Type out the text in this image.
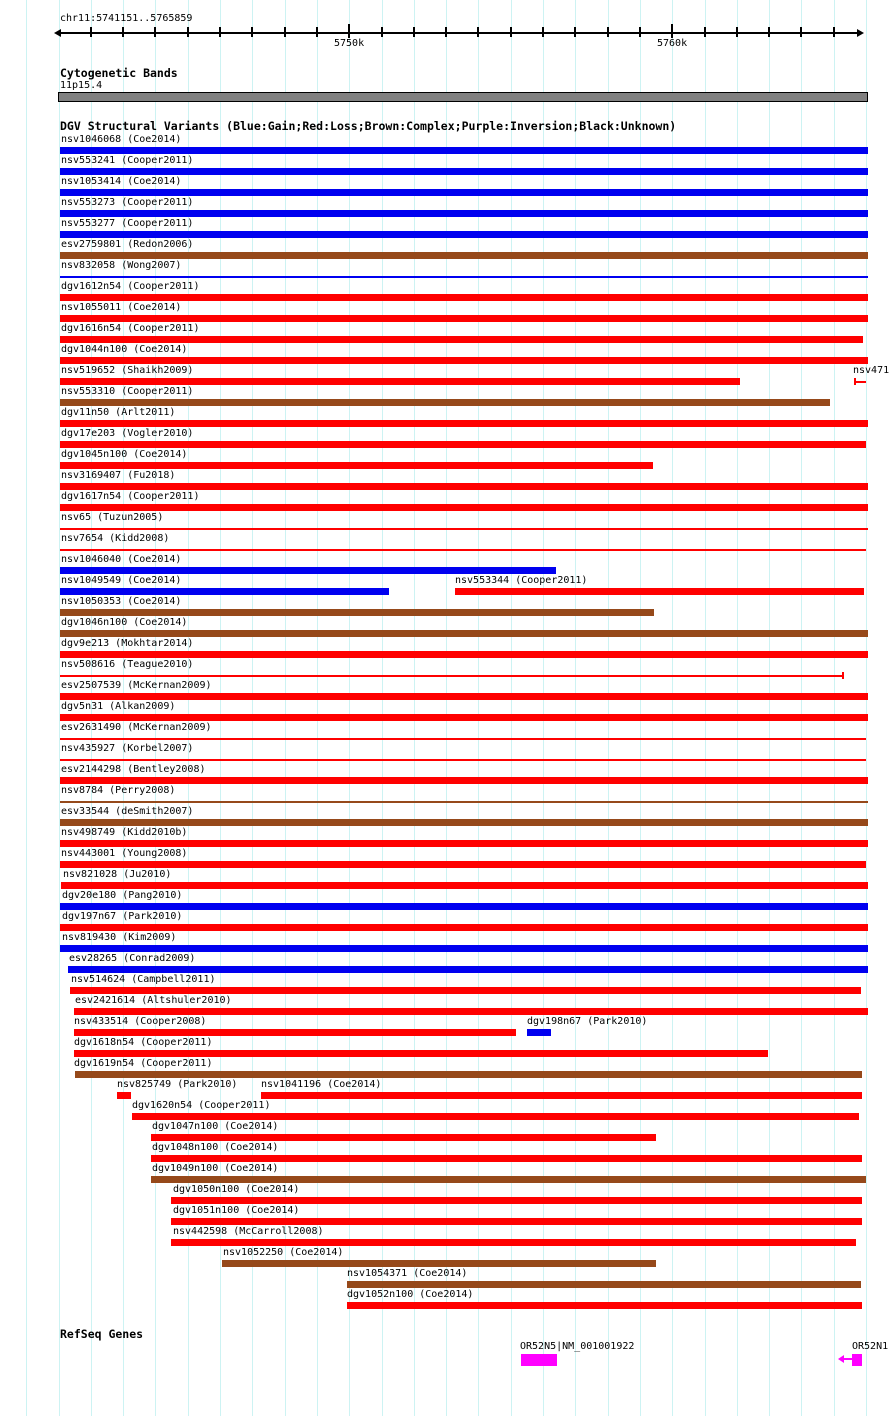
chr11:5741151..5765859
5750k	5760k
Cytogenetic Bands
11p15.4
DGV Structural Variants (Blue:Gain;Red:Loss;Brown:Complex;Purple:Inversion;Black:Unknown)
nsv1046068 (Coe2014)
nsv553241 (Cooper2011)
nsv1053414 (Coe2014)
nsv553273 (Cooper2011)
nsv553277 (Cooper2011)
esv2759801 (Redon2006)
nsv832058 (Wong2007)
dgv1612n54 (Cooper2011)
nsv1055011 (Coe2014)
dgv1616n54 (Cooper2011)
dgv1044n100 (Coe2014)
nsv519652 (Shaikh2009)	nsv471
nsv553310 (Cooper2011)
dgv11n50 (Arlt2011)
dgv17e203 (Vogler2010)
dgv1045n100 (Coe2014)
nsv3169407 (Fu2018)
dgv1617n54 (Cooper2011)
nsv65 (Tuzun2005)
nsv7654 (Kidd2008)
nsv1046040 (Coe2014)
nsv1049549 (Coe2014)	nsv553344 (Cooper2011)
nsv1050353 (Coe2014)
dgv1046n100 (Coe2014)
dgv9e213 (Mokhtar2014)
nsv508616 (Teague2010)
esv2507539 (McKernan2009)
dgv5n31 (Alkan2009)
esv2631490 (McKernan2009)
nsv435927 (Korbel2007)
esv2144298 (Bentley2008)
nsv8784 (Perry2008)
esv33544 (deSmith2007)
nsv498749 (Kidd2010b)
nsv443001 (Young2008)
nsv821028 (Ju2010)
dgv20e180 (Pang2010)
dgv197n67 (Park2010)
nsv819430 (Kim2009)
esv28265 (Conrad2009)
nsv514624 (Campbell2011)
esv2421614 (Altshuler2010)
nsv433514 (Cooper2008)	dgv198n67 (Park2010)
dgv1618n54 (Cooper2011)
dgv1619n54 (Cooper2011)
nsv825749 (Park2010) nsv1041196 (Coe2014)
dgv1620n54 (Cooper2011)
dgv1047n100 (Coe2014)
dgv1048n100 (Coe2014)
dgv1049n100 (Coe2014)
dgv1050n100 (Coe2014)
dgv1051n100 (Coe2014)
nsv442598 (McCarroll2008)
nsv1052250 (Coe2014)
nsv1054371 (Coe2014)
dgv1052n100 (Coe2014)
RefSeq Genes
OR52N5|NM_001001922	OR52N1
